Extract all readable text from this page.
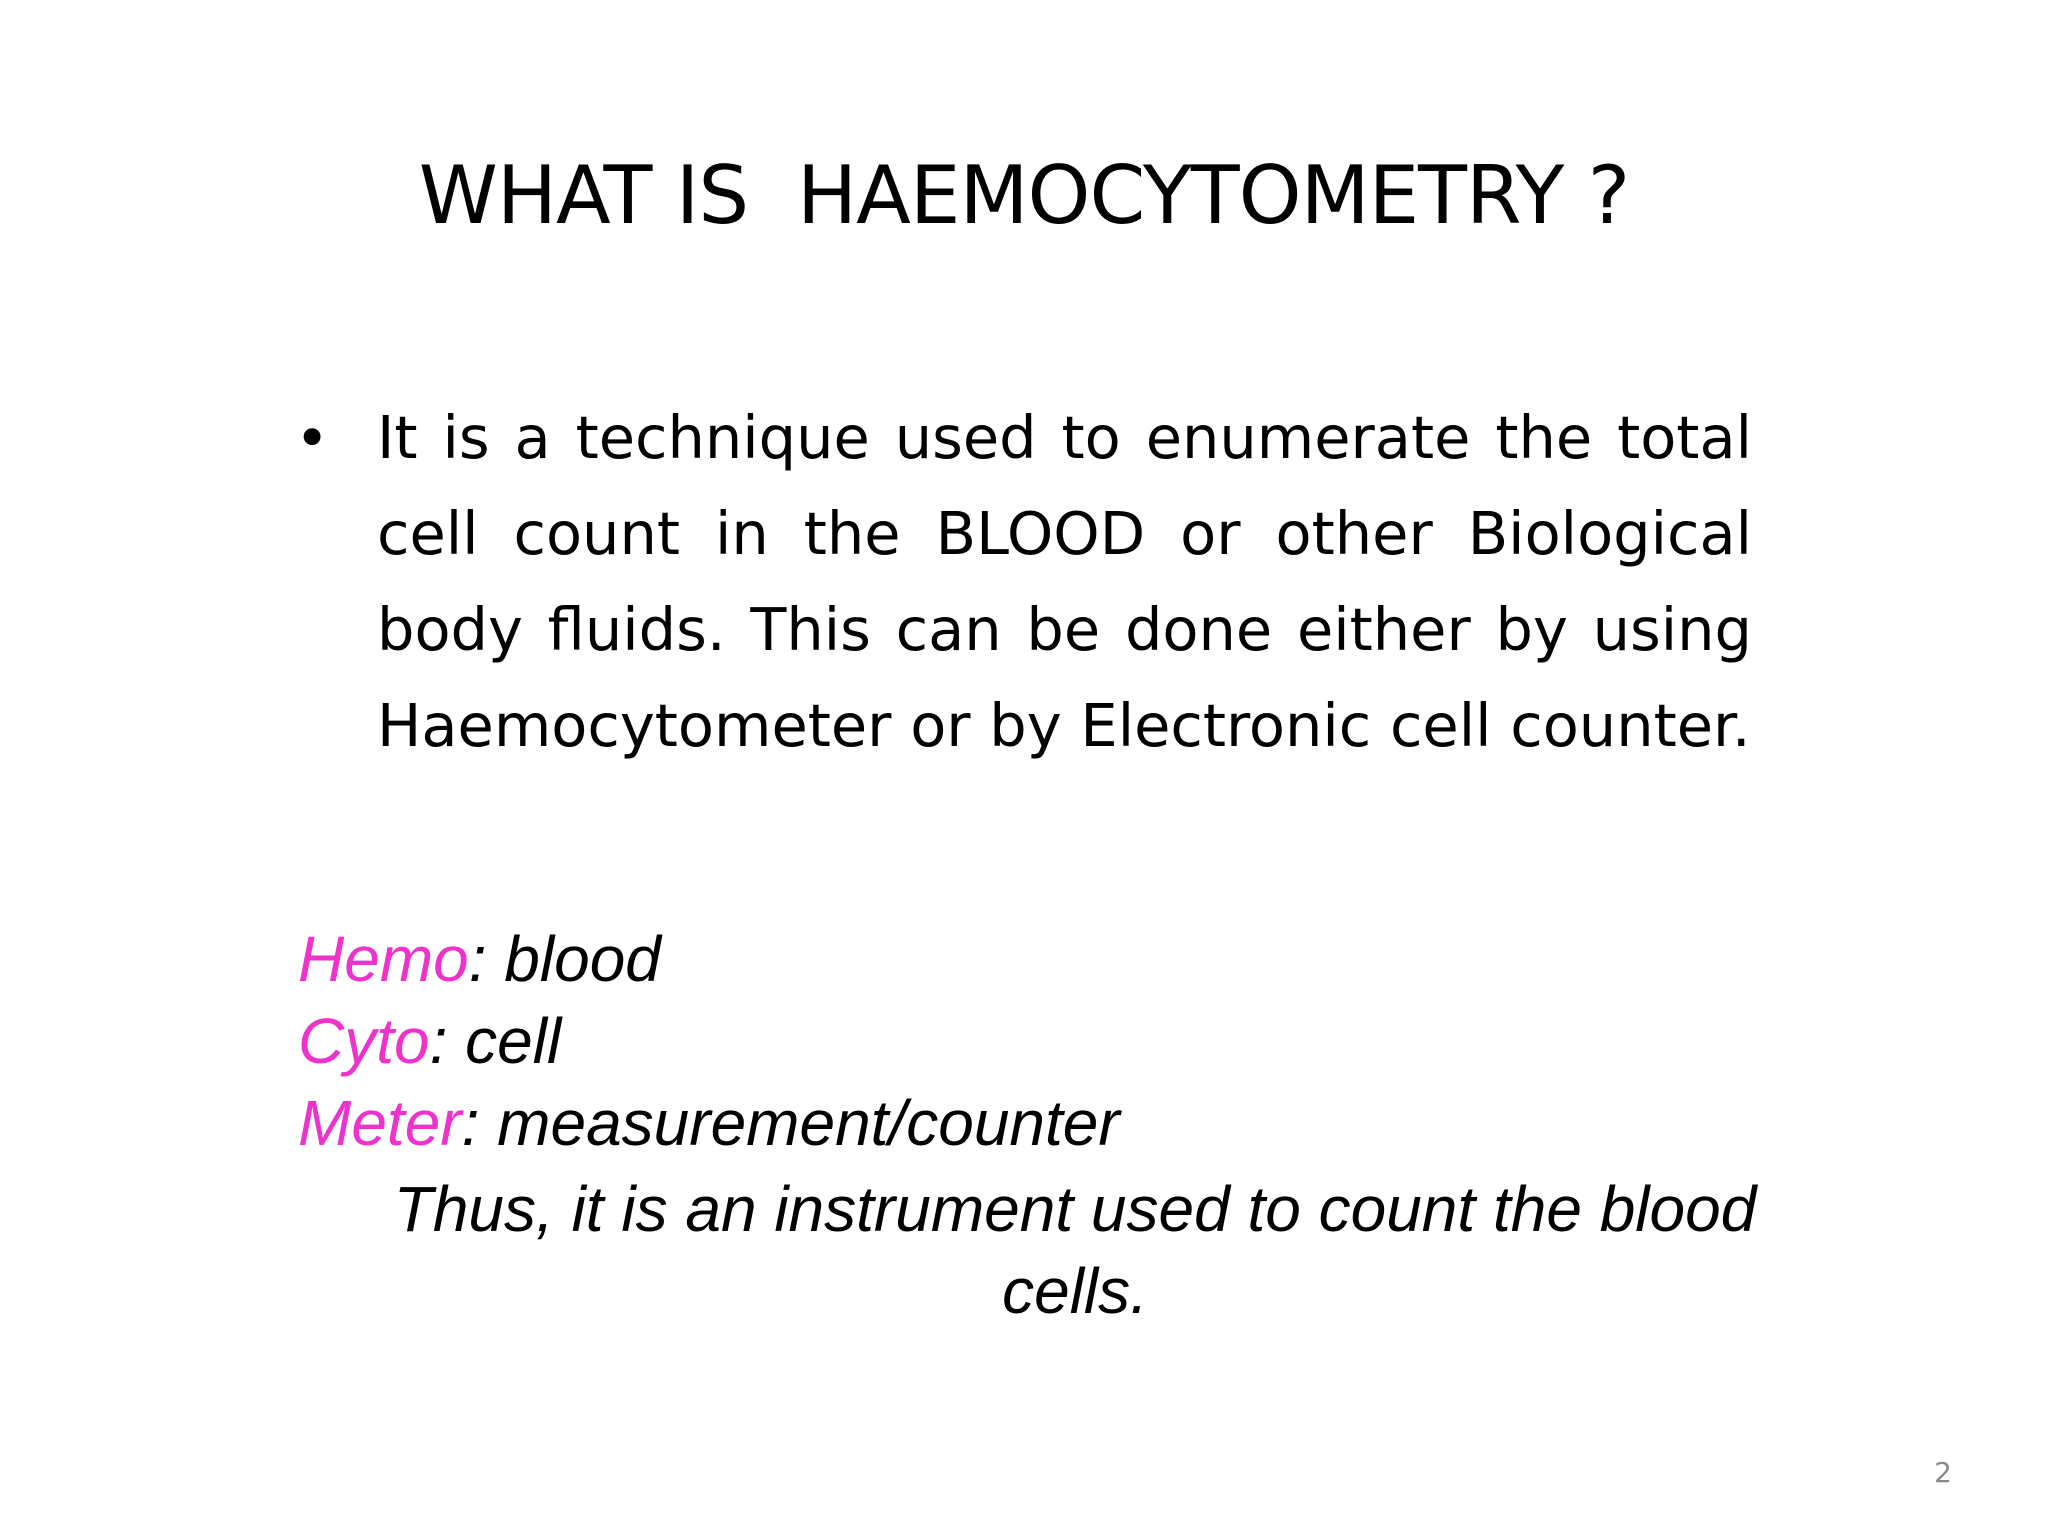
WHAT IS  HAEMOCYTOMETRY ?
• It is a technique used to enumerate the total cell count in the BLOOD or other Biological body fluids. This can be done either by using Haemocytometer or by Electronic cell counter.
Hemo: blood
Cyto: cell
Meter: measurement/counter
Thus, it is an instrument used to count the blood cells.
2
